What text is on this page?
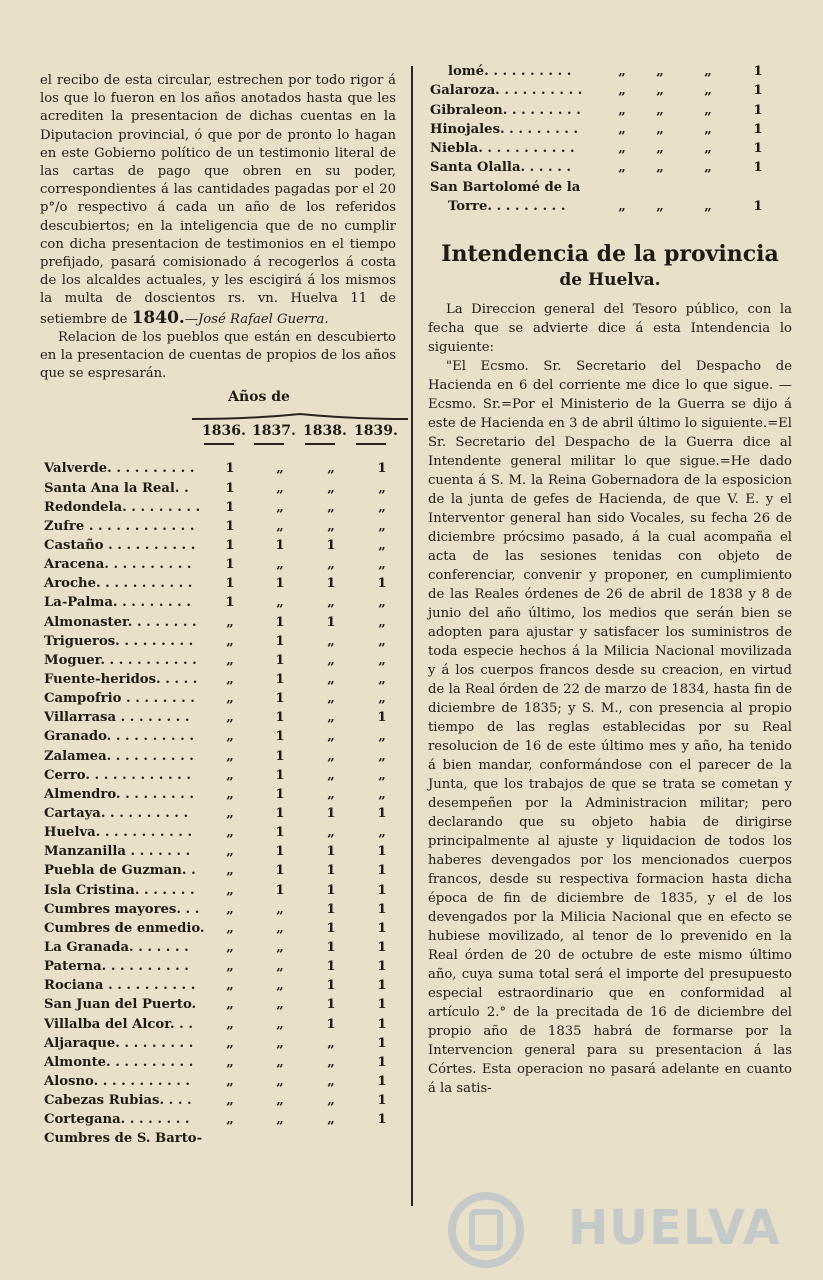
el recibo de esta circular, estrechen por todo rigor á los que lo fueron en los años anotados hasta que les acrediten la presentacion de dichas cuentas en la Diputacion provincial, ó que por de pronto lo hagan en este Gobierno político de un testimonio literal de las cartas de pago que obren en su poder, correspondientes á las cantidades pagadas por el 20 p°/o respectivo á cada un año de los referidos descubiertos; en la inteligencia que de no cumplir con dicha presentacion de testimonios en el tiempo prefijado, pasará comisionado á recogerlos á costa de los alcaldes actuales, y les escigirá á los mismos la multa de doscientos rs. vn. Huelva 11 de setiembre de 1840.—José Rafael Guerra.

Relacion de los pueblos que están en descubierto en la presentacion de cuentas de propios de los años que se espresarán.

Años de
1836. 1837. 1838. 1839.
Valverde. . . . . . . . . .	1	„	„	1
Santa Ana la Real. .	1	„	„	„
Redondela. . . . . . . . .	1	„	„	„
Zufre . . . . . . . . . . . .	1	„	„	„
Castaño . . . . . . . . . .	1	1	1	„
Aracena. . . . . . . . . .	1	„	„	„
Aroche. . . . . . . . . . .	1	1	1	1
La-Palma. . . . . . . . .	1	„	„	„
Almonaster. . . . . . . .	„	1	1	„
Trigueros. . . . . . . . .	„	1	„	„
Moguer. . . . . . . . . . .	„	1	„	„
Fuente-heridos. . . . .	„	1	„	„
Campofrio . . . . . . . .	„	1	„	„
Villarrasa . . . . . . . .	„	1	„	1
Granado. . . . . . . . . .	„	1	„	„
Zalamea. . . . . . . . . .	„	1	„	„
Cerro. . . . . . . . . . . .	„	1	„	„
Almendro. . . . . . . . .	„	1	„	„
Cartaya. . . . . . . . . .	„	1	1	1
Huelva. . . . . . . . . . .	„	1	„	„
Manzanilla . . . . . . .	„	1	1	1
Puebla de Guzman. .	„	1	1	1
Isla Cristina. . . . . . .	„	1	1	1
Cumbres mayores. . .	„	„	1	1
Cumbres de enmedio.	„	„	1	1
La Granada. . . . . . .	„	„	1	1
Paterna. . . . . . . . . .	„	„	1	1
Rociana . . . . . . . . . .	„	„	1	1
San Juan del Puerto.	„	„	1	1
Villalba del Alcor. . .	„	„	1	1
Aljaraque. . . . . . . . .	„	„	„	1
Almonte. . . . . . . . . .	„	„	„	1
Alosno. . . . . . . . . . .	„	„	„	1
Cabezas Rubias. . . .	„	„	„	1
Cortegana. . . . . . . .	„	„	„	1
Cumbres de S. Barto-
lomé. . . . . . . . . .	„	„	„	1
Galaroza. . . . . . . . . .	„	„	„	1
Gibraleon. . . . . . . . .	„	„	„	1
Hinojales. . . . . . . . .	„	„	„	1
Niebla. . . . . . . . . . .	„	„	„	1
Santa Olalla. . . . . .	„	„	„	1
San Bartolomé de la
Torre. . . . . . . . .	„	„	„	1
Intendencia de la provincia
de Huelva.

La Direccion general del Tesoro público, con la fecha que se advierte dice á esta Intendencia lo siguiente:

"El Ecsmo. Sr. Secretario del Despacho de Hacienda en 6 del corriente me dice lo que sigue. —Ecsmo. Sr.=Por el Ministerio de la Guerra se dijo á este de Hacienda en 3 de abril último lo siguiente.=El Sr. Secretario del Despacho de la Guerra dice al Intendente general militar lo que sigue.=He dado cuenta á S. M. la Reina Gobernadora de la esposicion de la junta de gefes de Hacienda, de que V. E. y el Interventor general han sido Vocales, su fecha 26 de diciembre prócsimo pasado, á la cual acompaña el acta de las sesiones tenidas con objeto de conferenciar, convenir y proponer, en cumplimiento de las Reales órdenes de 26 de abril de 1838 y 8 de junio del año último, los medios que serán bien se adopten para ajustar y satisfacer los suministros de toda especie hechos á la Milicia Nacional movilizada y á los cuerpos francos desde su creacion, en virtud de la Real órden de 22 de marzo de 1834, hasta fin de diciembre de 1835; y S. M., con presencia al propio tiempo de las reglas establecidas por su Real resolucion de 16 de este último mes y año, ha tenido á bien mandar, conformándose con el parecer de la Junta, que los trabajos de que se trata se cometan y desempeñen por la Administracion militar; pero declarando que su objeto habia de dirigirse principalmente al ajuste y liquidacion de todos los haberes devengados por los mencionados cuerpos francos, desde su respectiva formacion hasta dicha época de fin de diciembre de 1835, y el de los devengados por la Milicia Nacional que en efecto se hubiese movilizado, al tenor de lo prevenido en la Real órden de 20 de octubre de este mismo último año, cuya suma total será el importe del presupuesto especial estraordinario que en conformidad al artículo 2.° de la precitada de 16 de diciembre del propio año de 1835 habrá de formarse por la Intervencion general para su presentacion á las Córtes. Esta operacion no pasará adelante en cuanto á la satis-

HUELVA
